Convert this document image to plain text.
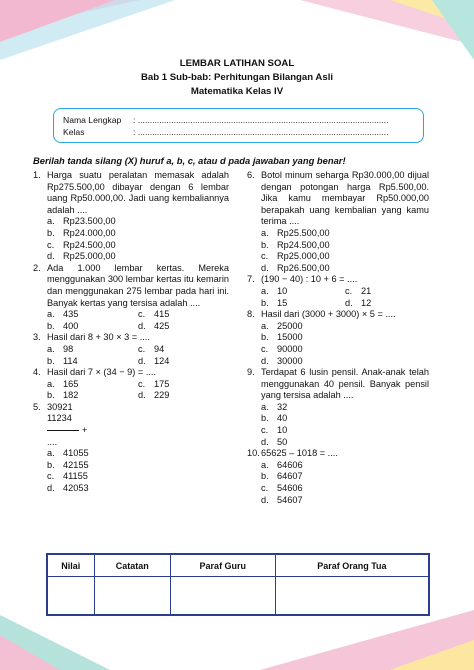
LEMBAR LATIHAN SOAL
Bab 1 Sub-bab: Perhitungan Bilangan Asli
Matematika Kelas IV
Nama Lengkap : .........................................................................................................
Kelas	: .........................................................................................................
Berilah tanda silang (X) huruf a, b, c, atau d pada jawaban yang benar!
1. Harga suatu peralatan memasak adalah Rp275.500,00 dibayar dengan 6 lembar uang Rp50.000,00. Jadi uang kembaliannya adalah ....
a. Rp23.500,00
b. Rp24.000,00
c. Rp24.500,00
d. Rp25.000,00
2. Ada 1.000 lembar kertas. Mereka menggunakan 300 lembar kertas itu kemarin dan menggunakan 275 lembar pada hari ini. Banyak kertas yang tersisa adalah ....
a. 435	c. 415
b. 400	d. 425
3. Hasil dari 8 + 30 × 3 = ....
a. 98	c. 94
b. 114	d. 124
4. Hasil dari 7 × (34 − 9) = ....
a. 165	c. 175
b. 182	d. 229
5. 30921
11234
+
....
a. 41055
b. 42155
c. 41155
d. 42053
6. Botol minum seharga Rp30.000,00 dijual dengan potongan harga Rp5.500,00. Jika kamu membayar Rp50.000,00 berapakah uang kembalian yang kamu terima ....
a. Rp25.500,00
b. Rp24.500,00
c. Rp25.000,00
d. Rp26.500,00
7. (190 − 40) : 10 + 6 = ....
a. 10	c. 21
b. 15	d. 12
8. Hasil dari (3000 + 3000) × 5 = ....
a. 25000
b. 15000
c. 90000
d. 30000
9. Terdapat 6 lusin pensil. Anak-anak telah menggunakan 40 pensil. Banyak pensil yang tersisa adalah ....
a. 32
b. 40
c. 10
d. 50
10. 65625 – 1018 = ....
a. 64606
b. 64607
c. 54606
d. 54607
Nilai	Catatan	Paraf Guru	Paraf Orang Tua
